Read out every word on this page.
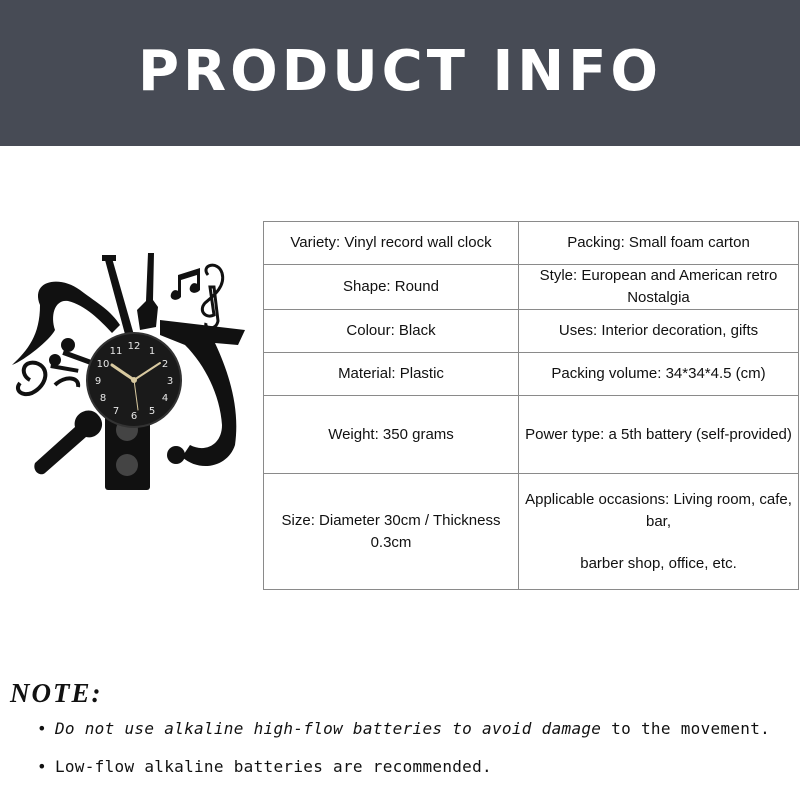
PRODUCT INFO
12 1
2
3
4
5
6
7
8
9
10
11
Variety: Vinyl record wall clock	Packing: Small foam carton
Shape: Round	Style: European and American retro Nostalgia
Colour: Black	Uses: Interior decoration, gifts
Material: Plastic	Packing volume: 34*34*4.5 (cm)
Weight: 350 grams	Power type: a 5th battery (self-provided)
Size: Diameter 30cm / Thickness 0.3cm	Applicable occasions: Living room, cafe, bar,
barber shop, office, etc.
NOTE:
• Do not use alkaline high-flow batteries to avoid damage to the movement.
• Low-flow alkaline batteries are recommended.
